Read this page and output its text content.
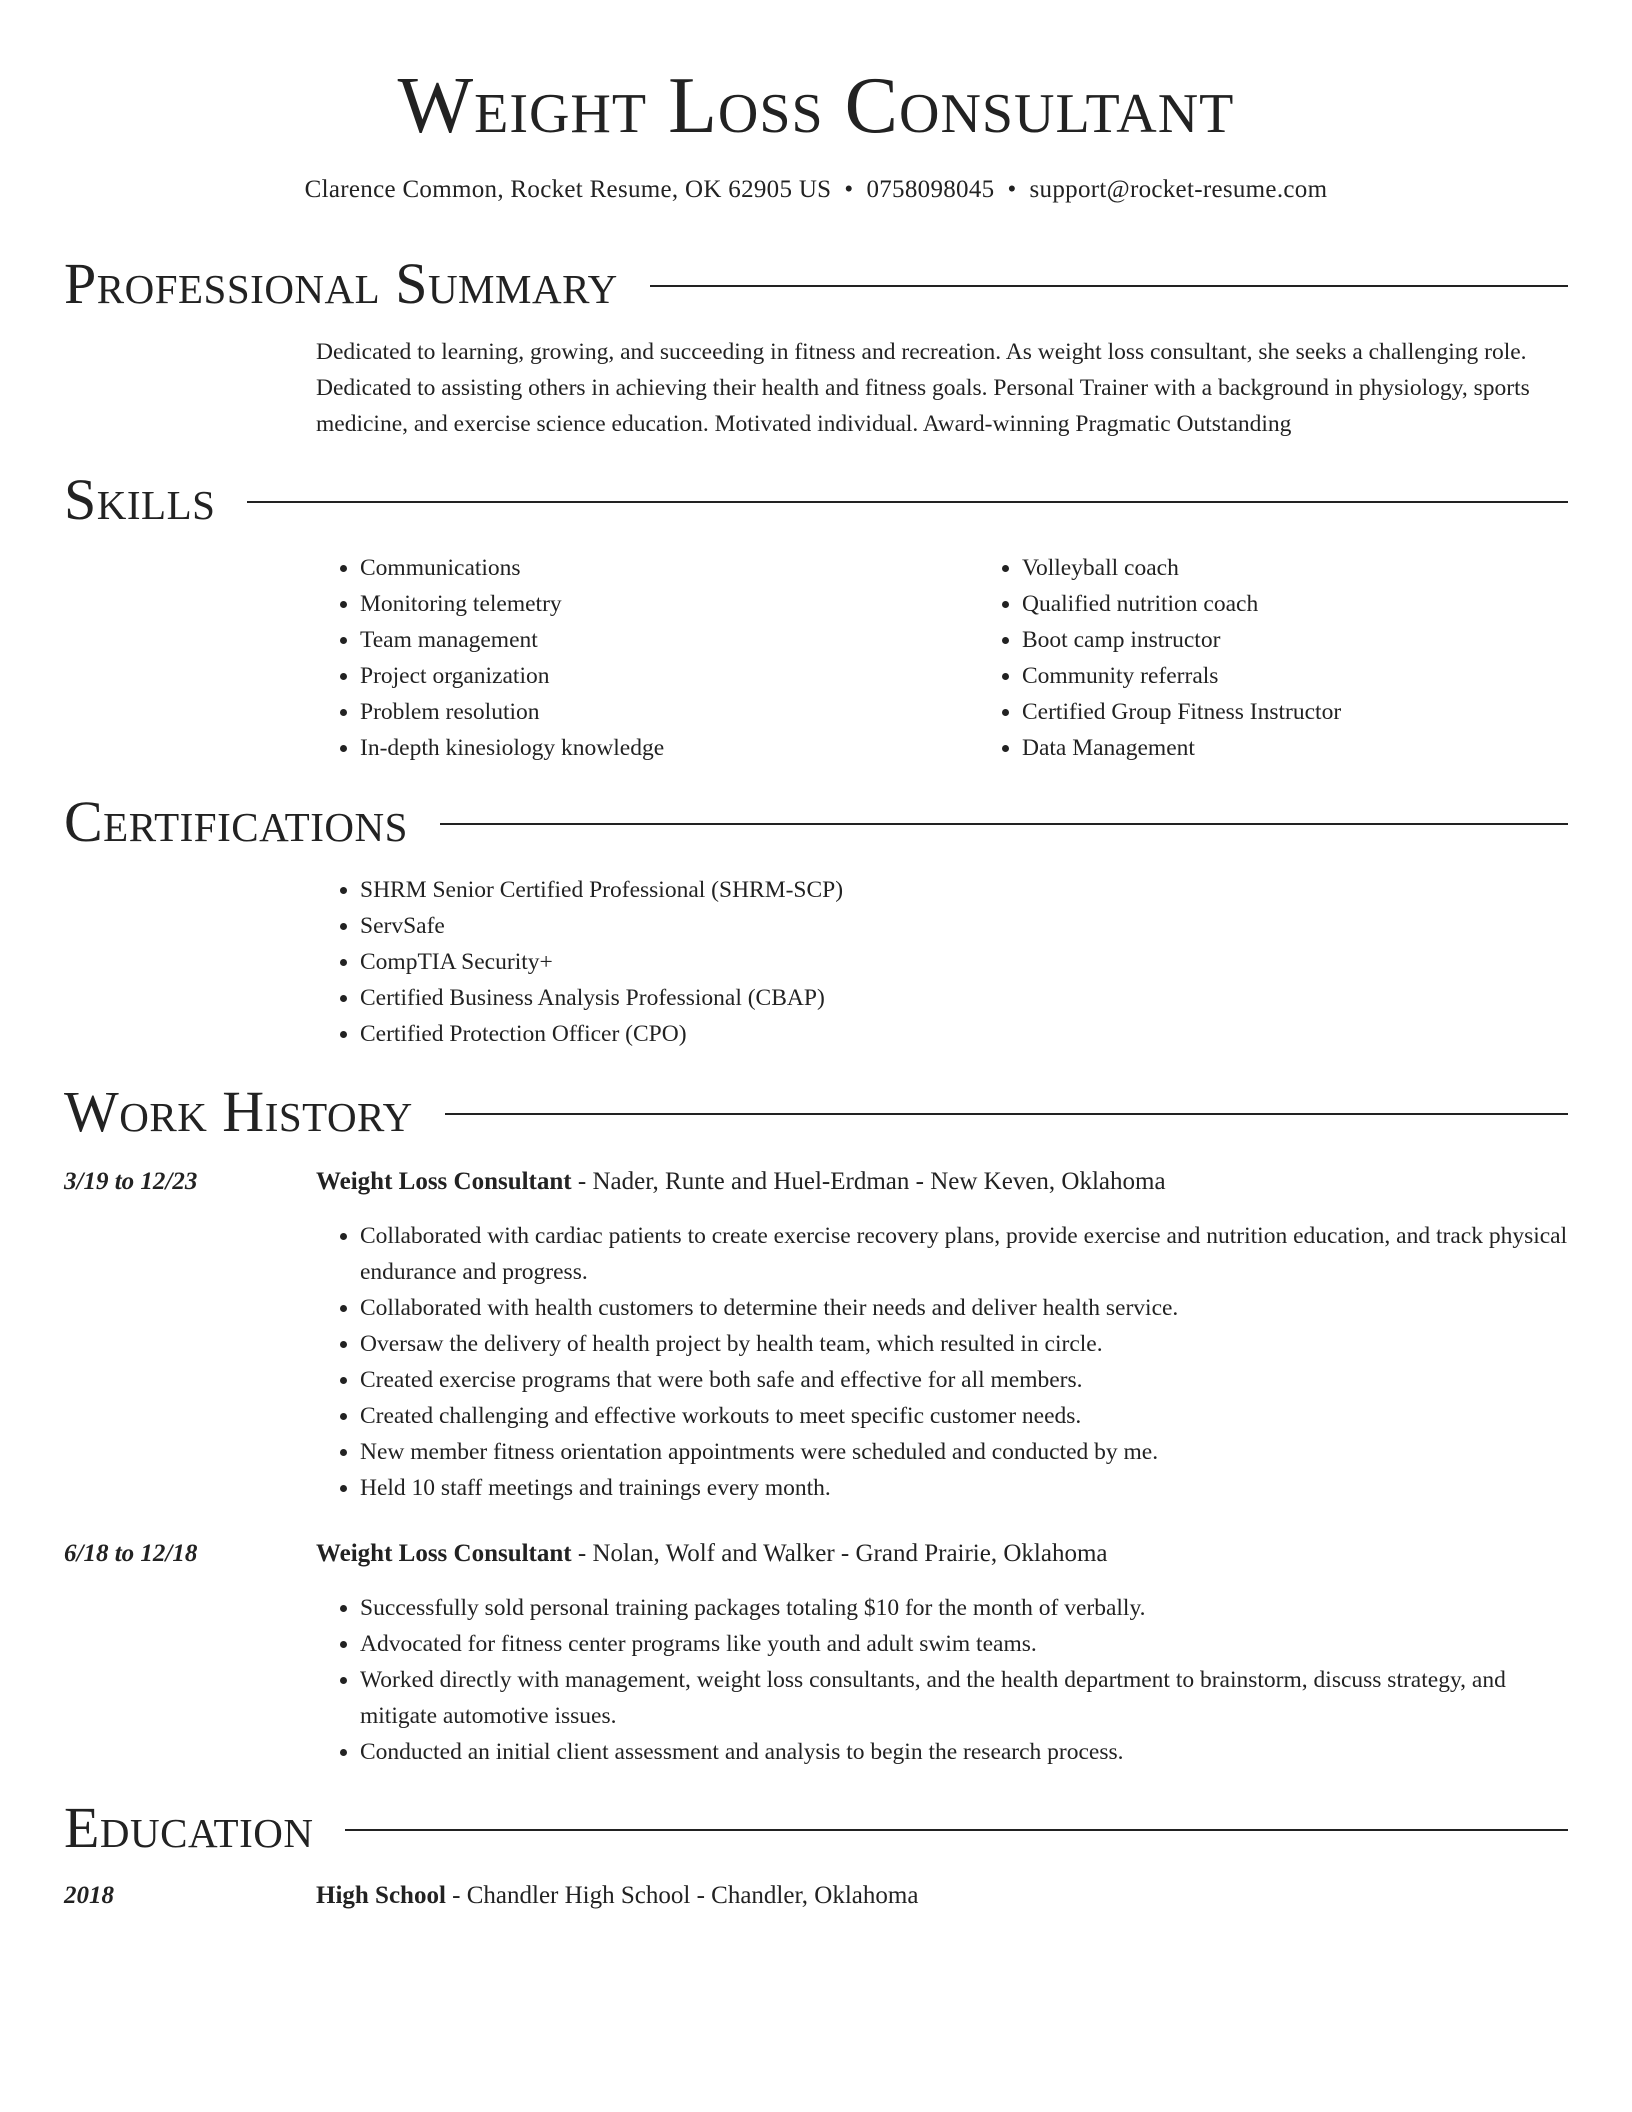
Weight Loss Consultant
Clarence Common, Rocket Resume, OK 62905 US • 0758098045 • support@rocket-resume.com
Professional Summary

Dedicated to learning, growing, and succeeding in fitness and recreation. As weight loss consultant, she seeks a challenging role. Dedicated to assisting others in achieving their health and fitness goals. Personal Trainer with a background in physiology, sports medicine, and exercise science education. Motivated individual. Award-winning Pragmatic Outstanding

Skills
• Communications
• Monitoring telemetry
• Team management
• Project organization
• Problem resolution
• In-depth kinesiology knowledge
• Volleyball coach
• Qualified nutrition coach
• Boot camp instructor
• Community referrals
• Certified Group Fitness Instructor
• Data Management
Certifications
• SHRM Senior Certified Professional (SHRM-SCP)
• ServSafe
• CompTIA Security+
• Certified Business Analysis Professional (CBAP)
• Certified Protection Officer (CPO)
Work History
3/19 to 12/23	Weight Loss Consultant - Nader, Runte and Huel-Erdman - New Keven, Oklahoma
• Collaborated with cardiac patients to create exercise recovery plans, provide exercise and nutrition education, and track physical endurance and progress.
• Collaborated with health customers to determine their needs and deliver health service.
• Oversaw the delivery of health project by health team, which resulted in circle.
• Created exercise programs that were both safe and effective for all members.
• Created challenging and effective workouts to meet specific customer needs.
• New member fitness orientation appointments were scheduled and conducted by me.
• Held 10 staff meetings and trainings every month.
6/18 to 12/18	Weight Loss Consultant - Nolan, Wolf and Walker - Grand Prairie, Oklahoma
• Successfully sold personal training packages totaling $10 for the month of verbally.
• Advocated for fitness center programs like youth and adult swim teams.
• Worked directly with management, weight loss consultants, and the health department to brainstorm, discuss strategy, and mitigate automotive issues.
• Conducted an initial client assessment and analysis to begin the research process.
Education
2018	High School - Chandler High School - Chandler, Oklahoma
